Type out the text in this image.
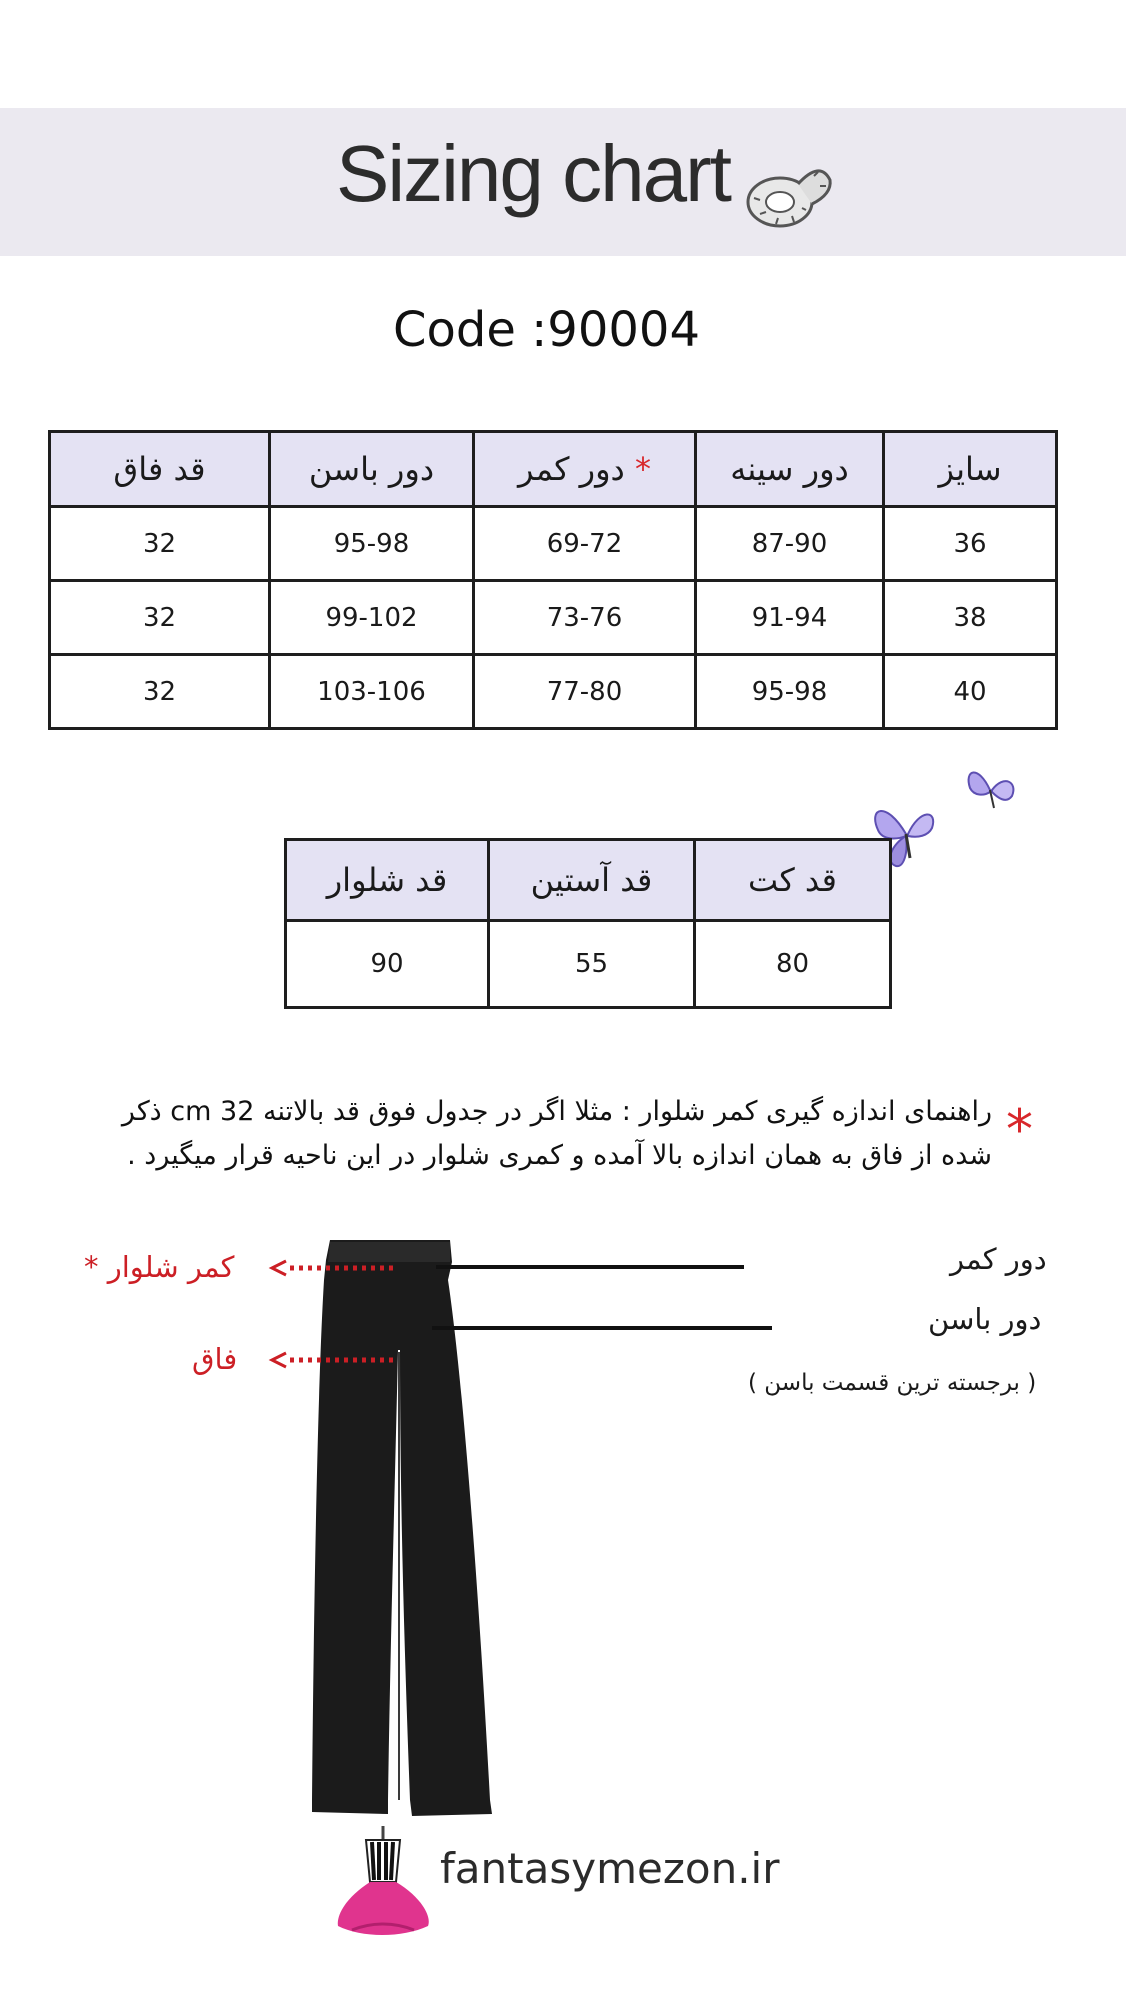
Sizing chart
Code :90004
قد فاق	دور باسن	دور کمر *	دور سینه	سایز
32	95-98	69-72	87-90	36
32	99-102	73-76	91-94	38
32	103-106	77-80	95-98	40
قد شلوار	قد آستین	قد کت
90	55	80
*
راهنمای اندازه گیری کمر شلوار : مثلا اگر در جدول فوق قد بالاتنه 32 cm ذکر
شده از فاق به همان اندازه بالا آمده و کمری شلوار در این ناحیه قرار میگیرد .
دور کمر
دور باسن
( برجسته ترین قسمت باسن )
* کمر شلوار
فاق
fantasymezon.ir
